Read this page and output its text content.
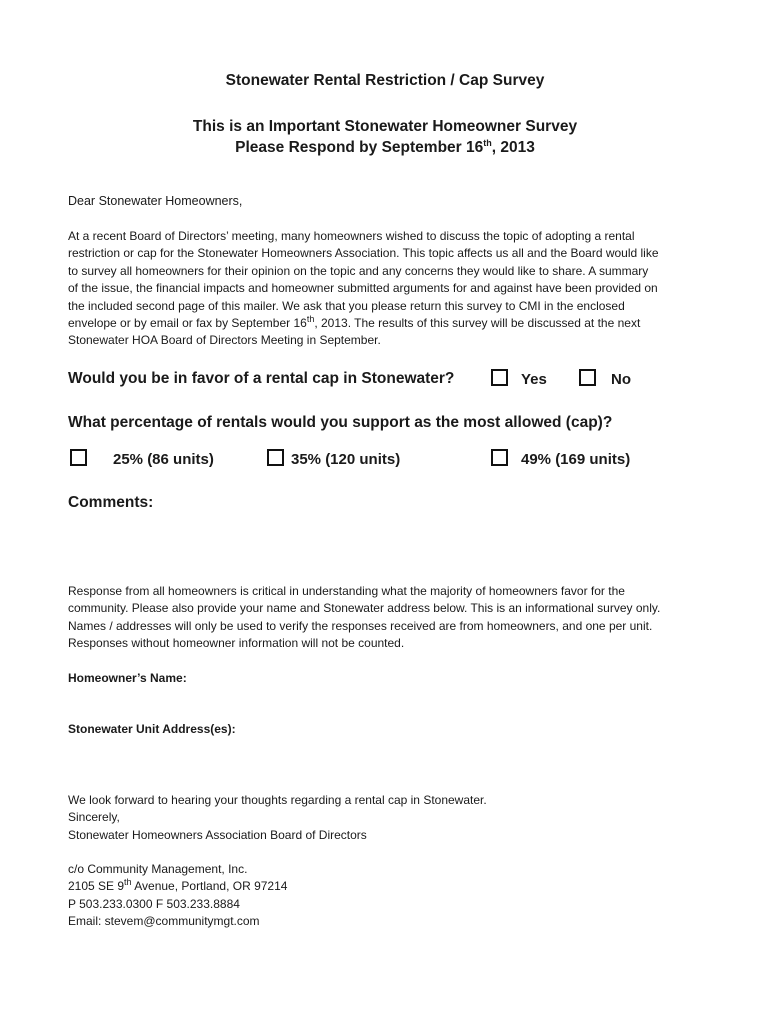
Stonewater Rental Restriction / Cap Survey
This is an Important Stonewater Homeowner Survey
Please Respond by September 16th, 2013
Dear Stonewater Homeowners,
At a recent Board of Directors’ meeting, many homeowners wished to discuss the topic of adopting a rental
restriction or cap for the Stonewater Homeowners Association. This topic affects us all and the Board would like
to survey all homeowners for their opinion on the topic and any concerns they would like to share. A summary
of the issue, the financial impacts and homeowner submitted arguments for and against have been provided on
the included second page of this mailer. We ask that you please return this survey to CMI in the enclosed
envelope or by email or fax by September 16th, 2013. The results of this survey will be discussed at the next
Stonewater HOA Board of Directors Meeting in September.
Would you be in favor of a rental cap in Stonewater?	Yes	No
What percentage of rentals would you support as the most allowed (cap)?
25% (86 units)	35% (120 units)	49% (169 units)
Comments:
Response from all homeowners is critical in understanding what the majority of homeowners favor for the
community. Please also provide your name and Stonewater address below. This is an informational survey only.
Names / addresses will only be used to verify the responses received are from homeowners, and one per unit.
Responses without homeowner information will not be counted.
Homeowner’s Name:
Stonewater Unit Address(es):
We look forward to hearing your thoughts regarding a rental cap in Stonewater.
Sincerely,
Stonewater Homeowners Association Board of Directors
c/o Community Management, Inc.
2105 SE 9th Avenue, Portland, OR 97214
P 503.233.0300 F 503.233.8884
Email: stevem@communitymgt.com
